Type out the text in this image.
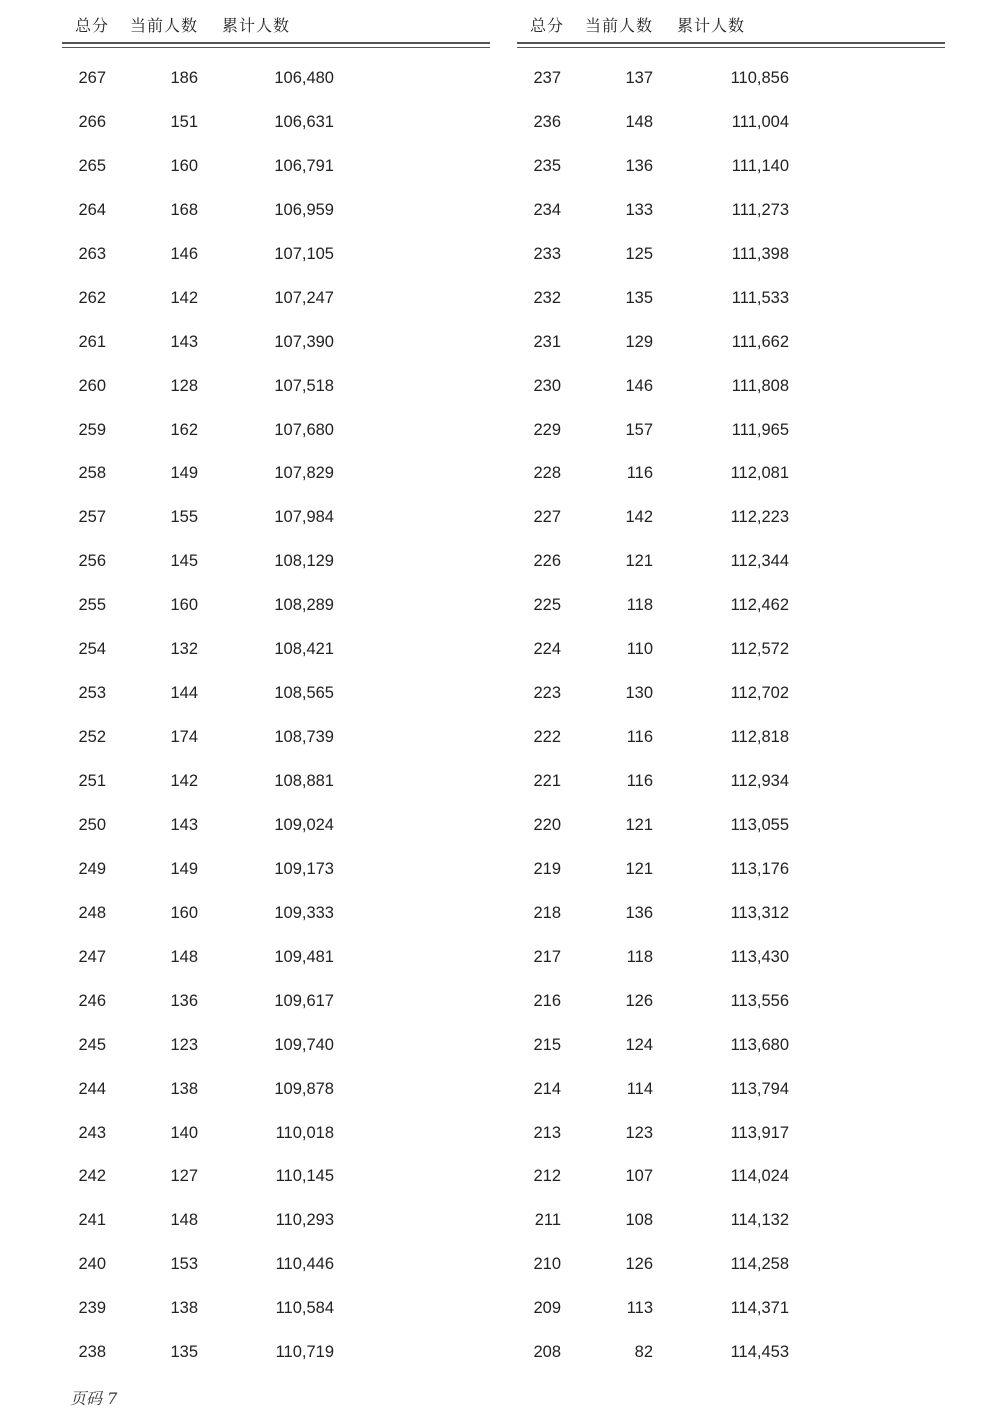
总分 当前人数 累计人数
267	186	106,480
266	151	106,631
265	160	106,791
264	168	106,959
263	146	107,105
262	142	107,247
261	143	107,390
260	128	107,518
259	162	107,680
258	149	107,829
257	155	107,984
256	145	108,129
255	160	108,289
254	132	108,421
253	144	108,565
252	174	108,739
251	142	108,881
250	143	109,024
249	149	109,173
248	160	109,333
247	148	109,481
246	136	109,617
245	123	109,740
244	138	109,878
243	140	110,018
242	127	110,145
241	148	110,293
240	153	110,446
239	138	110,584
238	135	110,719
总分 当前人数 累计人数
237	137	110,856
236	148	111,004
235	136	111,140
234	133	111,273
233	125	111,398
232	135	111,533
231	129	111,662
230	146	111,808
229	157	111,965
228	116	112,081
227	142	112,223
226	121	112,344
225	118	112,462
224	110	112,572
223	130	112,702
222	116	112,818
221	116	112,934
220	121	113,055
219	121	113,176
218	136	113,312
217	118	113,430
216	126	113,556
215	124	113,680
214	114	113,794
213	123	113,917
212	107	114,024
211	108	114,132
210	126	114,258
209	113	114,371
208	82	114,453
页码 7
